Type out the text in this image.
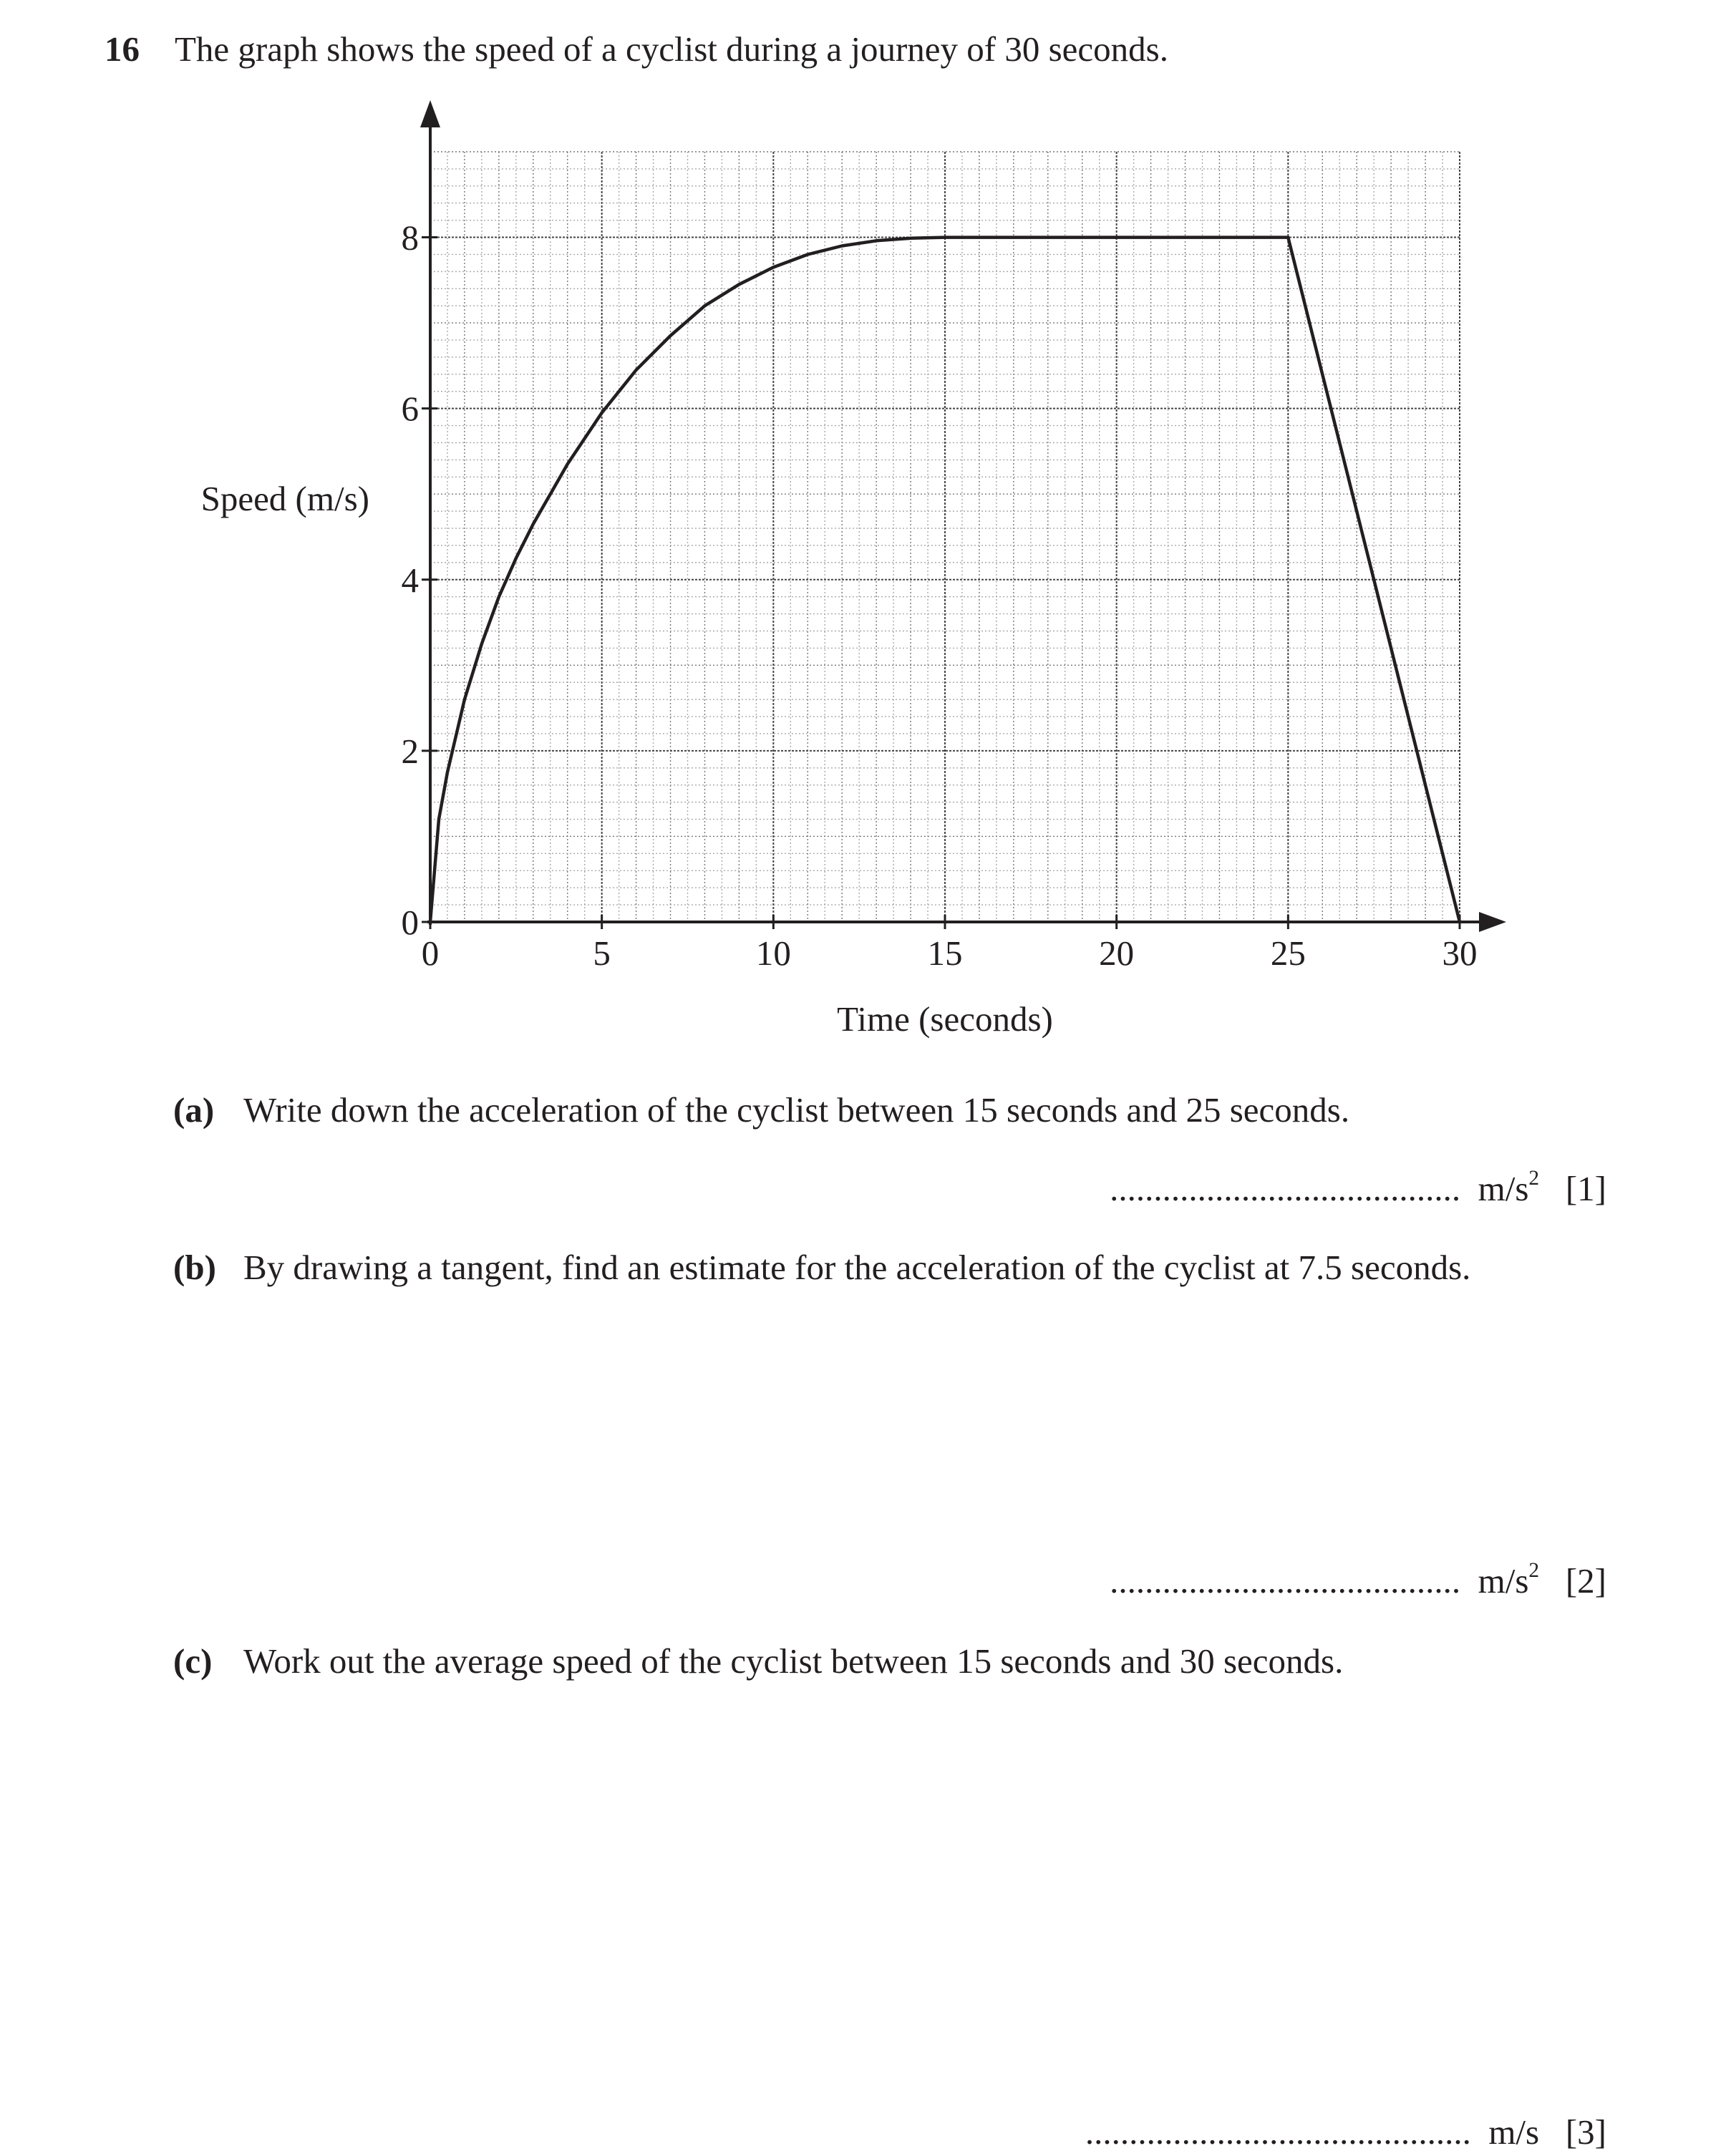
16 The graph shows the speed of a cyclist during a journey of 30 seconds.
0	5	10	15	20	25	30
0
2
4
6
8
Time (seconds)
Speed (m/s)
(a) Write down the acceleration of the cyclist between 15 seconds and 25 seconds.
........................................ $m/s^2$ [1]
(b) By drawing a tangent, find an estimate for the acceleration of the cyclist at 7.5 seconds.
........................................ $m/s^2$ [2]
(c) Work out the average speed of the cyclist between 15 seconds and 30 seconds.
............................................ m/s [3]
